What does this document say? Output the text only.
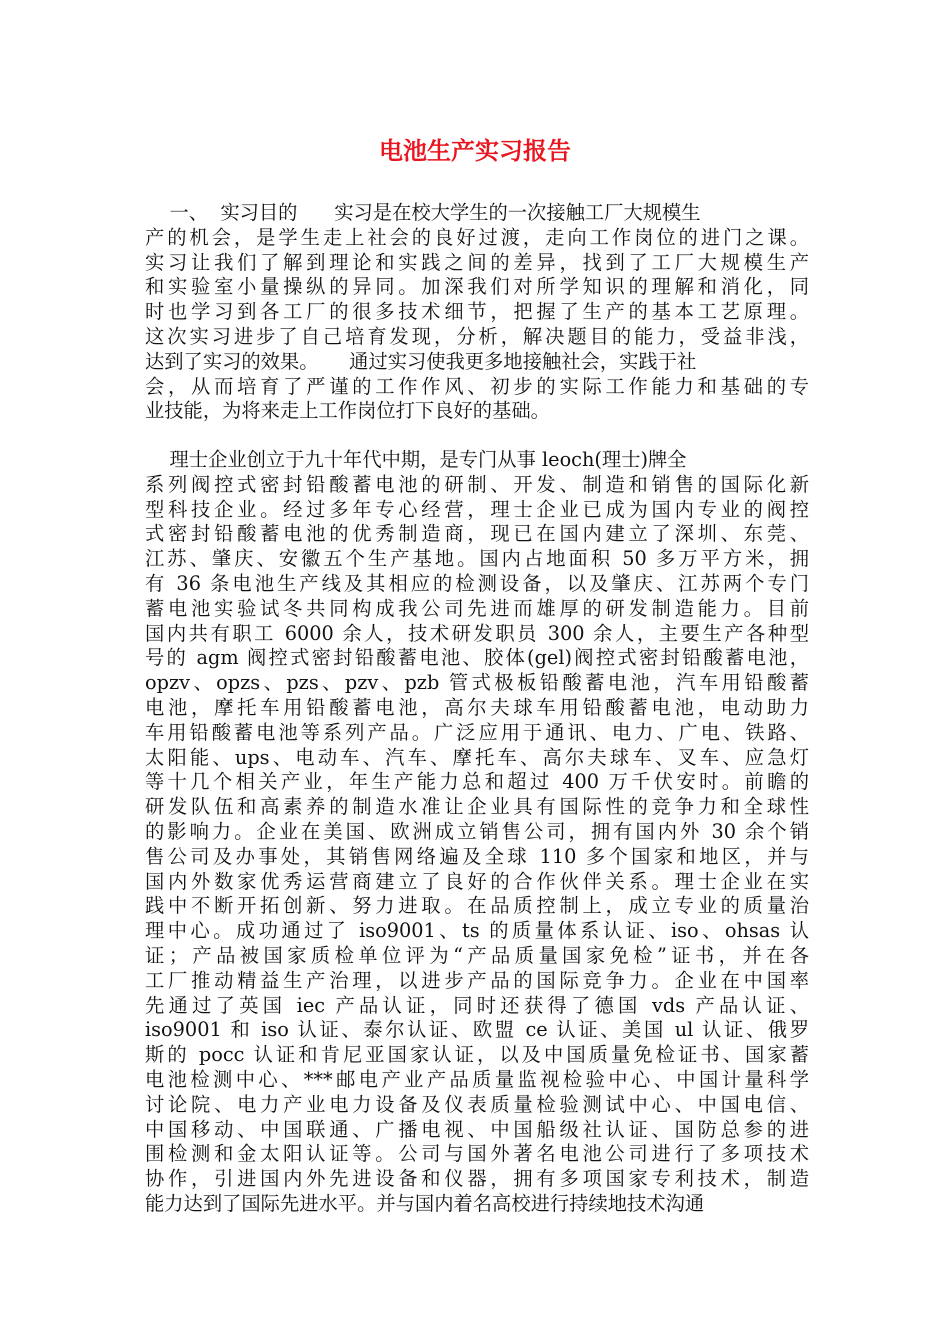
电池生产实习报告
一、  实习目的      实习是在校大学生的一次接触工厂大规模生
产的机会，是学生走上社会的良好过渡，走向工作岗位的进门之课。
实习让我们了解到理论和实践之间的差异，找到了工厂大规模生产
和实验室小量操纵的异同。加深我们对所学知识的理解和消化，同
时也学习到各工厂的很多技术细节，把握了生产的基本工艺原理。
这次实习进步了自己培育发现，分析，解决题目的能力，受益非浅，
达到了实习的效果。     通过实习使我更多地接触社会，实践于社
会，从而培育了严谨的工作作风、初步的实际工作能力和基础的专
业技能，为将来走上工作岗位打下良好的基础。
理士企业创立于九十年代中期，是专门从事 leoch(理士)牌全
系列阀控式密封铅酸蓄电池的研制、开发、制造和销售的国际化新
型科技企业。经过多年专心经营，理士企业已成为国内专业的阀控
式密封铅酸蓄电池的优秀制造商，现已在国内建立了深圳、东莞、
江苏、肇庆、安徽五个生产基地。国内占地面积 50 多万平方米，拥
有 36 条电池生产线及其相应的检测设备，以及肇庆、江苏两个专门
蓄电池实验试冬共同构成我公司先进而雄厚的研发制造能力。目前
国内共有职工 6000 余人，技术研发职员 300 余人，主要生产各种型
号的 agm 阀控式密封铅酸蓄电池、胶体(gel)阀控式密封铅酸蓄电池，
opzv、opzs、pzs、pzv、pzb 管式极板铅酸蓄电池，汽车用铅酸蓄
电池，摩托车用铅酸蓄电池，高尔夫球车用铅酸蓄电池，电动助力
车用铅酸蓄电池等系列产品。广泛应用于通讯、电力、广电、铁路、
太阳能、ups、电动车、汽车、摩托车、高尔夫球车、叉车、应急灯
等十几个相关产业，年生产能力总和超过 400 万千伏安时。前瞻的
研发队伍和高素养的制造水准让企业具有国际性的竞争力和全球性
的影响力。企业在美国、欧洲成立销售公司，拥有国内外 30 余个销
售公司及办事处，其销售网络遍及全球 110 多个国家和地区，并与
国内外数家优秀运营商建立了良好的合作伙伴关系。理士企业在实
践中不断开拓创新、努力进取。在品质控制上，成立专业的质量治
理中心。成功通过了 iso9001、ts 的质量体系认证、iso、ohsas 认
证；产品被国家质检单位评为“产品质量国家免检”证书，并在各
工厂推动精益生产治理，以进步产品的国际竞争力。企业在中国率
先通过了英国 iec 产品认证，同时还获得了德国 vds 产品认证、
iso9001 和 iso 认证、泰尔认证、欧盟 ce 认证、美国 ul 认证、俄罗
斯的 pocc 认证和肯尼亚国家认证，以及中国质量免检证书、国家蓄
电池检测中心、***邮电产业产品质量监视检验中心、中国计量科学
讨论院、电力产业电力设备及仪表质量检验测试中心、中国电信、
中国移动、中国联通、广播电视、中国船级社认证、国防总参的进
围检测和金太阳认证等。公司与国外著名电池公司进行了多项技术
协作，引进国内外先进设备和仪器，拥有多项国家专利技术，制造
能力达到了国际先进水平。并与国内着名高校进行持续地技术沟通
